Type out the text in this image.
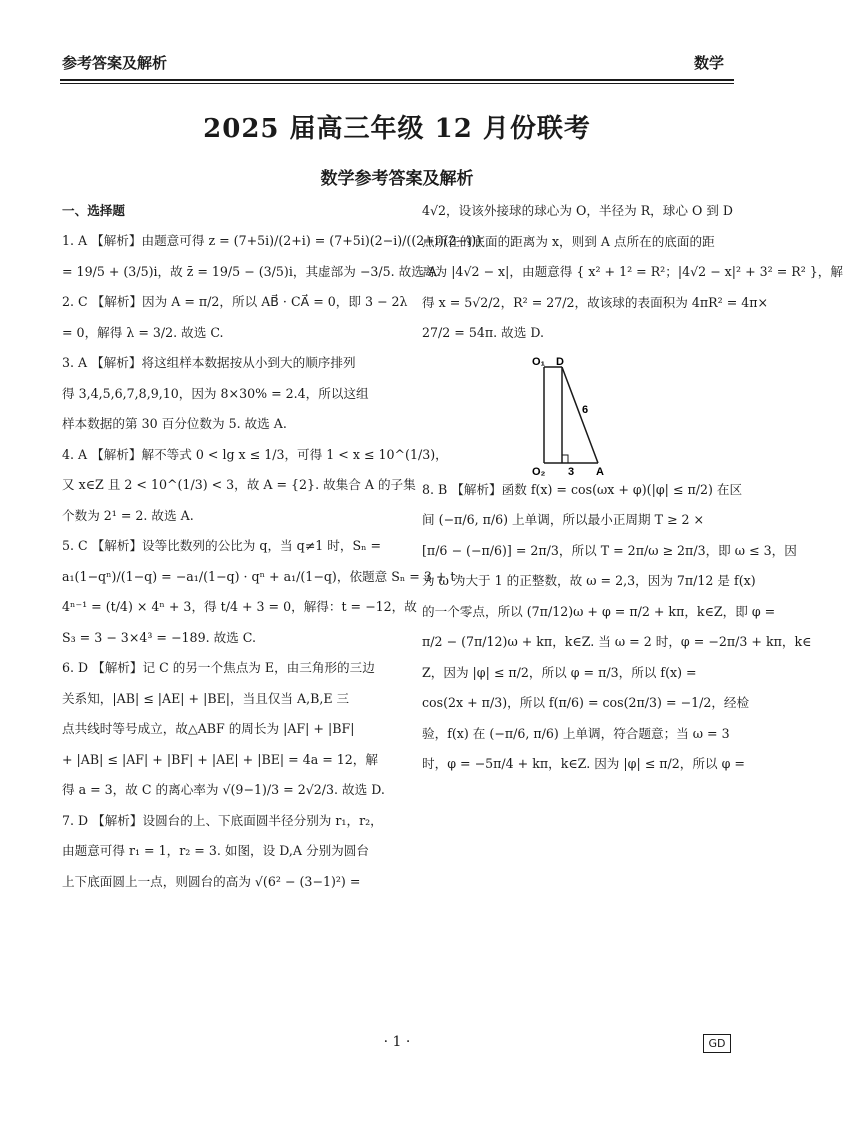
参考答案及解析	数学
2025 届高三年级 12 月份联考
数学参考答案及解析
一、选择题
1. A 【解析】由题意可得 z = (7+5i)/(2+i) = (7+5i)(2−i)/((2+i)(2−i))
= 19/5 + (3/5)i，故 z̄ = 19/5 − (3/5)i，其虚部为 −3/5. 故选 A.
2. C 【解析】因为 A = π/2，所以 AB⃗ · CA⃗ = 0，即 3 − 2λ
= 0，解得 λ = 3/2. 故选 C.
3. A 【解析】将这组样本数据按从小到大的顺序排列
得 3,4,5,6,7,8,9,10，因为 8×30% = 2.4，所以这组
样本数据的第 30 百分位数为 5. 故选 A.
4. A 【解析】解不等式 0 < lg x ≤ 1/3，可得 1 < x ≤ 10^(1/3)，
又 x∈Z 且 2 < 10^(1/3) < 3，故 A = {2}. 故集合 A 的子集
个数为 2¹ = 2. 故选 A.
5. C 【解析】设等比数列的公比为 q，当 q≠1 时，Sₙ =
a₁(1−qⁿ)/(1−q) = −a₁/(1−q) · qⁿ + a₁/(1−q)，依题意 Sₙ = 3 + t ·
4ⁿ⁻¹ = (t/4) × 4ⁿ + 3，得 t/4 + 3 = 0，解得：t = −12，故
S₃ = 3 − 3×4³ = −189. 故选 C.
6. D 【解析】记 C 的另一个焦点为 E，由三角形的三边
关系知，|AB| ≤ |AE| + |BE|，当且仅当 A,B,E 三
点共线时等号成立，故△ABF 的周长为 |AF| + |BF|
+ |AB| ≤ |AF| + |BF| + |AE| + |BE| = 4a = 12，解
得 a = 3，故 C 的离心率为 √(9−1)/3 = 2√2/3. 故选 D.
7. D 【解析】设圆台的上、下底面圆半径分别为 r₁，r₂，
由题意可得 r₁ = 1，r₂ = 3. 如图，设 D,A 分别为圆台
上下底面圆上一点，则圆台的高为 √(6² − (3−1)²) =
4√2，设该外接球的球心为 O，半径为 R，球心 O 到 D
点所在的底面的距离为 x，则到 A 点所在的底面的距
离为 |4√2 − x|，由题意得 { x² + 1² = R²；|4√2 − x|² + 3² = R² }，解
得 x = 5√2/2，R² = 27/2，故该球的表面积为 4πR² = 4π×
27/2 = 54π. 故选 D.
O₁ D
6
O₂ 3 A
8. B 【解析】函数 f(x) = cos(ωx + φ)(|φ| ≤ π/2) 在区
间 (−π/6, π/6) 上单调，所以最小正周期 T ≥ 2 ×
[π/6 − (−π/6)] = 2π/3，所以 T = 2π/ω ≥ 2π/3，即 ω ≤ 3，因
为 ω 为大于 1 的正整数，故 ω = 2,3，因为 7π/12 是 f(x)
的一个零点，所以 (7π/12)ω + φ = π/2 + kπ，k∈Z，即 φ =
π/2 − (7π/12)ω + kπ，k∈Z. 当 ω = 2 时，φ = −2π/3 + kπ，k∈
Z，因为 |φ| ≤ π/2，所以 φ = π/3，所以 f(x) =
cos(2x + π/3)，所以 f(π/6) = cos(2π/3) = −1/2，经检
验，f(x) 在 (−π/6, π/6) 上单调，符合题意；当 ω = 3
时，φ = −5π/4 + kπ，k∈Z. 因为 |φ| ≤ π/2，所以 φ =
· 1 ·	GD
